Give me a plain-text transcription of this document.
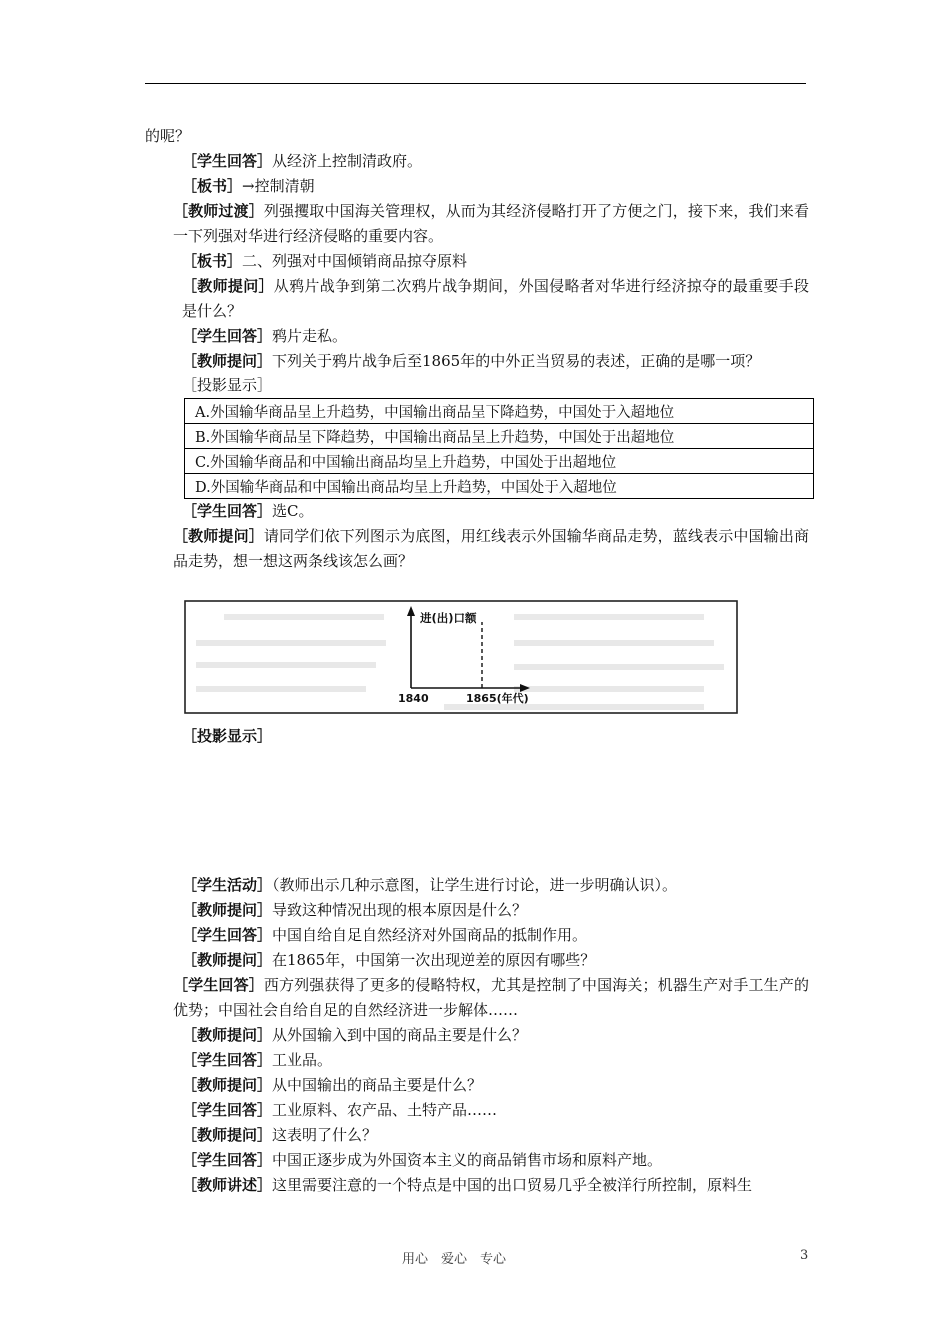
的呢？
［学生回答］从经济上控制清政府。
［板书］→控制清朝
［教师过渡］列强攫取中国海关管理权，从而为其经济侵略打开了方便之门，接下来，我们来看一下列强对华进行经济侵略的重要内容。
［板书］二、列强对中国倾销商品掠夺原料
［教师提问］从鸦片战争到第二次鸦片战争期间，外国侵略者对华进行经济掠夺的最重要手段是什么？
［学生回答］鸦片走私。
［教师提问］下列关于鸦片战争后至1865年的中外正当贸易的表述，正确的是哪一项？
［投影显示］
A.外国输华商品呈上升趋势，中国输出商品呈下降趋势，中国处于入超地位
B.外国输华商品呈下降趋势，中国输出商品呈上升趋势，中国处于出超地位
C.外国输华商品和中国输出商品均呈上升趋势，中国处于出超地位
D.外国输华商品和中国输出商品均呈上升趋势，中国处于入超地位
［学生回答］选C。
［教师提问］请同学们依下列图示为底图，用红线表示外国输华商品走势，蓝线表示中国输出商品走势，想一想这两条线该怎么画？
进(出)口额
1840	1865(年代)
［投影显示］
［学生活动］（教师出示几种示意图，让学生进行讨论，进一步明确认识）。
［教师提问］导致这种情况出现的根本原因是什么？
［学生回答］中国自给自足自然经济对外国商品的抵制作用。
［教师提问］在1865年，中国第一次出现逆差的原因有哪些？
［学生回答］西方列强获得了更多的侵略特权，尤其是控制了中国海关；机器生产对手工生产的优势；中国社会自给自足的自然经济进一步解体……
［教师提问］从外国输入到中国的商品主要是什么？
［学生回答］工业品。
［教师提问］从中国输出的商品主要是什么？
［学生回答］工业原料、农产品、土特产品……
［教师提问］这表明了什么？
［学生回答］中国正逐步成为外国资本主义的商品销售市场和原料产地。
［教师讲述］这里需要注意的一个特点是中国的出口贸易几乎全被洋行所控制，原料生
用心　爱心　专心	3
